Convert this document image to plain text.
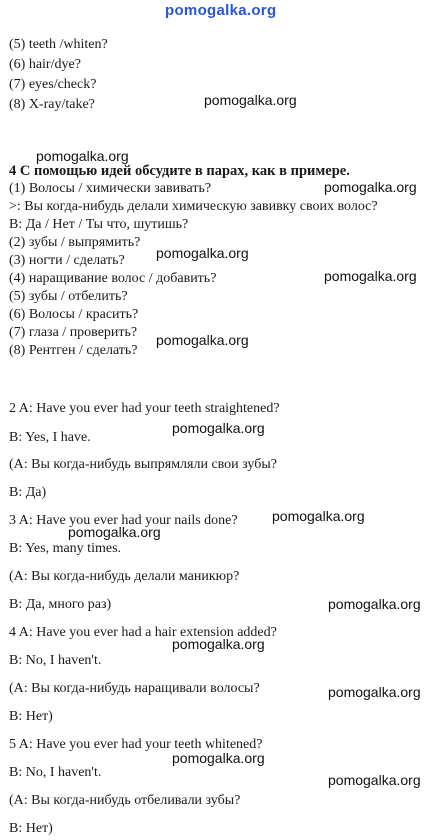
pomogalka.org
(5) teeth /whiten?
(6) hair/dye?
(7) eyes/check?
(8) X-ray/take?
4 С помощью идей обсудите в парах, как в примере.
(1) Волосы / химически завивать?
>: Вы когда-нибудь делали химическую завивку своих волос?
В: Да / Нет / Ты что, шутишь?
(2) зубы / выпрямить?
(3) ногти / сделать?
(4) наращивание волос / добавить?
(5) зубы / отбелить?
(6) Волосы / красить?
(7) глаза / проверить?
(8) Рентген / сделать?
2 A: Have you ever had your teeth straightened?
B: Yes, I have.
(А: Вы когда-нибудь выпрямляли свои зубы?
В: Да)
3 A: Have you ever had your nails done?
B: Yes, many times.
(А: Вы когда-нибудь делали маникюр?
В: Да, много раз)
4 A: Have you ever had a hair extension added?
B: No, I haven't.
(А: Вы когда-нибудь наращивали волосы?
В: Нет)
5 A: Have you ever had your teeth whitened?
B: No, I haven't.
(А: Вы когда-нибудь отбеливали зубы?
В: Нет)
pomogalka.org
pomogalka.org
pomogalka.org
pomogalka.org
pomogalka.org
pomogalka.org
pomogalka.org
pomogalka.org
pomogalka.org
pomogalka.org
pomogalka.org
pomogalka.org
pomogalka.org
pomogalka.org
